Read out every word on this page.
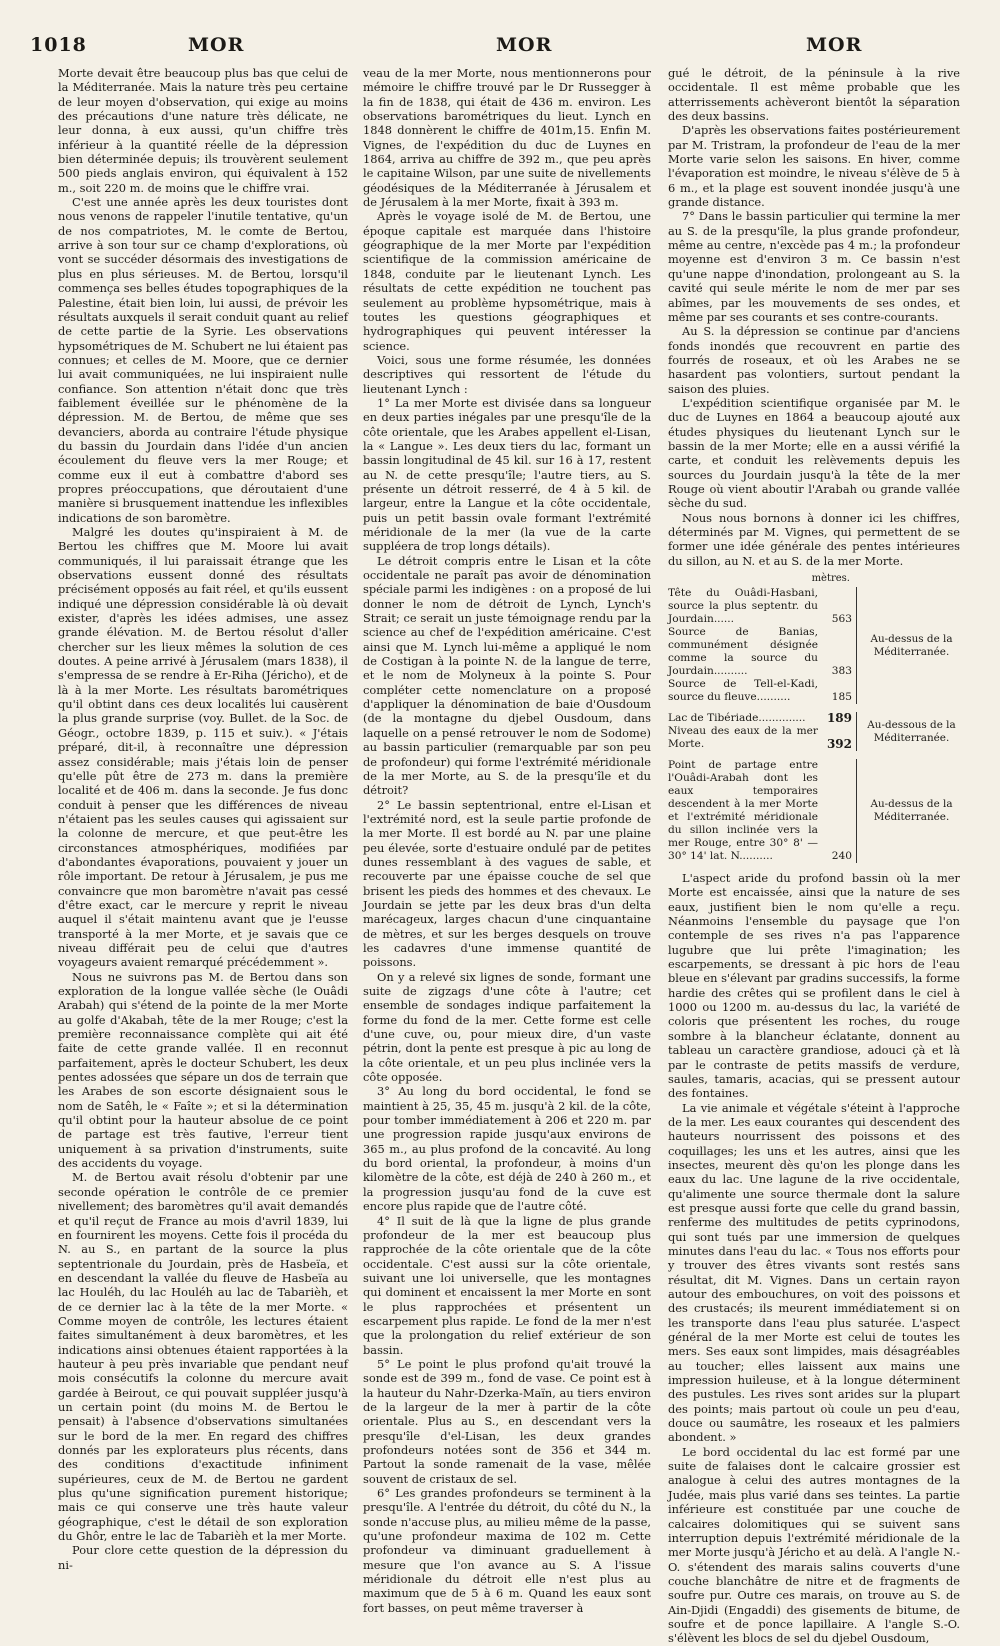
1018	MOR	MOR	MOR

Morte devait être beaucoup plus bas que celui de la Méditerranée. Mais la nature très peu certaine de leur moyen d'observation, qui exige au moins des précautions d'une nature très délicate, ne leur donna, à eux aussi, qu'un chiffre très inférieur à la quantité réelle de la dépression bien déterminée depuis; ils trouvèrent seulement 500 pieds anglais environ, qui équivalent à 152 m., soit 220 m. de moins que le chiffre vrai.

C'est une année après les deux touristes dont nous venons de rappeler l'inutile tentative, qu'un de nos compatriotes, M. le comte de Bertou, arrive à son tour sur ce champ d'explorations, où vont se succéder désormais des investigations de plus en plus sérieuses. M. de Bertou, lorsqu'il commença ses belles études topographiques de la Palestine, était bien loin, lui aussi, de prévoir les résultats auxquels il serait conduit quant au relief de cette partie de la Syrie. Les observations hypsométriques de M. Schubert ne lui étaient pas connues; et celles de M. Moore, que ce dernier lui avait communiquées, ne lui inspiraient nulle confiance. Son attention n'était donc que très faiblement éveillée sur le phénomène de la dépression. M. de Bertou, de même que ses devanciers, aborda au contraire l'étude physique du bassin du Jourdain dans l'idée d'un ancien écoulement du fleuve vers la mer Rouge; et comme eux il eut à combattre d'abord ses propres préoccupations, que déroutaient d'une manière si brusquement inattendue les inflexibles indications de son baromètre.

Malgré les doutes qu'inspiraient à M. de Bertou les chiffres que M. Moore lui avait communiqués, il lui paraissait étrange que les observations eussent donné des résultats précisément opposés au fait réel, et qu'ils eussent indiqué une dépression considérable là où devait exister, d'après les idées admises, une assez grande élévation. M. de Bertou résolut d'aller chercher sur les lieux mêmes la solution de ces doutes. A peine arrivé à Jérusalem (mars 1838), il s'empressa de se rendre à Er-Riha (Jéricho), et de là à la mer Morte. Les résultats barométriques qu'il obtint dans ces deux localités lui causèrent la plus grande surprise (voy. Bullet. de la Soc. de Géogr., octobre 1839, p. 115 et suiv.). « J'étais préparé, dit-il, à reconnaître une dépression assez considérable; mais j'étais loin de penser qu'elle pût être de 273 m. dans la première localité et de 406 m. dans la seconde. Je fus donc conduit à penser que les différences de niveau n'étaient pas les seules causes qui agissaient sur la colonne de mercure, et que peut-être les circonstances atmosphériques, modifiées par d'abondantes évaporations, pouvaient y jouer un rôle important. De retour à Jérusalem, je pus me convaincre que mon baromètre n'avait pas cessé d'être exact, car le mercure y reprit le niveau auquel il s'était maintenu avant que je l'eusse transporté à la mer Morte, et je savais que ce niveau différait peu de celui que d'autres voyageurs avaient remarqué précédemment ».

Nous ne suivrons pas M. de Bertou dans son exploration de la longue vallée sèche (le Ouâdi Arabah) qui s'étend de la pointe de la mer Morte au golfe d'Akabah, tête de la mer Rouge; c'est la première reconnaissance complète qui ait été faite de cette grande vallée. Il en reconnut parfaitement, après le docteur Schubert, les deux pentes adossées que sépare un dos de terrain que les Arabes de son escorte désignaient sous le nom de Satêh, le « Faîte »; et si la détermination qu'il obtint pour la hauteur absolue de ce point de partage est très fautive, l'erreur tient uniquement à sa privation d'instruments, suite des accidents du voyage.

M. de Bertou avait résolu d'obtenir par une seconde opération le contrôle de ce premier nivellement; des baromètres qu'il avait demandés et qu'il reçut de France au mois d'avril 1839, lui en fournirent les moyens. Cette fois il procéda du N. au S., en partant de la source la plus septentrionale du Jourdain, près de Hasbeïa, et en descendant la vallée du fleuve de Hasbeïa au lac Houléh, du lac Houléh au lac de Tabarièh, et de ce dernier lac à la tête de la mer Morte. « Comme moyen de contrôle, les lectures étaient faites simultanément à deux baromètres, et les indications ainsi obtenues étaient rapportées à la hauteur à peu près invariable que pendant neuf mois consécutifs la colonne du mercure avait gardée à Beirout, ce qui pouvait suppléer jusqu'à un certain point (du moins M. de Bertou le pensait) à l'absence d'observations simultanées sur le bord de la mer. En regard des chiffres donnés par les explorateurs plus récents, dans des conditions d'exactitude infiniment supérieures, ceux de M. de Bertou ne gardent plus qu'une signification purement historique; mais ce qui conserve une très haute valeur géographique, c'est le détail de son exploration du Ghôr, entre le lac de Tabarièh et la mer Morte.

Pour clore cette question de la dépression du ni-

veau de la mer Morte, nous mentionnerons pour mémoire le chiffre trouvé par le Dr Russegger à la fin de 1838, qui était de 436 m. environ. Les observations barométriques du lieut. Lynch en 1848 donnèrent le chiffre de 401m,15. Enfin M. Vignes, de l'expédition du duc de Luynes en 1864, arriva au chiffre de 392 m., que peu après le capitaine Wilson, par une suite de nivellements géodésiques de la Méditerranée à Jérusalem et de Jérusalem à la mer Morte, fixait à 393 m.

Après le voyage isolé de M. de Bertou, une époque capitale est marquée dans l'histoire géographique de la mer Morte par l'expédition scientifique de la commission américaine de 1848, conduite par le lieutenant Lynch. Les résultats de cette expédition ne touchent pas seulement au problème hypsométrique, mais à toutes les questions géographiques et hydrographiques qui peuvent intéresser la science.

Voici, sous une forme résumée, les données descriptives qui ressortent de l'étude du lieutenant Lynch :

1° La mer Morte est divisée dans sa longueur en deux parties inégales par une presqu'île de la côte orientale, que les Arabes appellent el-Lisan, la « Langue ». Les deux tiers du lac, formant un bassin longitudinal de 45 kil. sur 16 à 17, restent au N. de cette presqu'île; l'autre tiers, au S. présente un détroit resserré, de 4 à 5 kil. de largeur, entre la Langue et la côte occidentale, puis un petit bassin ovale formant l'extrémité méridionale de la mer (la vue de la carte suppléera de trop longs détails).

Le détroit compris entre le Lisan et la côte occidentale ne paraît pas avoir de dénomination spéciale parmi les indigènes : on a proposé de lui donner le nom de détroit de Lynch, Lynch's Strait; ce serait un juste témoignage rendu par la science au chef de l'expédition américaine. C'est ainsi que M. Lynch lui-même a appliqué le nom de Costigan à la pointe N. de la langue de terre, et le nom de Molyneux à la pointe S. Pour compléter cette nomenclature on a proposé d'appliquer la dénomination de baie d'Ousdoum (de la montagne du djebel Ousdoum, dans laquelle on a pensé retrouver le nom de Sodome) au bassin particulier (remarquable par son peu de profondeur) qui forme l'extrémité méridionale de la mer Morte, au S. de la presqu'île et du détroit?

2° Le bassin septentrional, entre el-Lisan et l'extrémité nord, est la seule partie profonde de la mer Morte. Il est bordé au N. par une plaine peu élevée, sorte d'estuaire ondulé par de petites dunes ressemblant à des vagues de sable, et recouverte par une épaisse couche de sel que brisent les pieds des hommes et des chevaux. Le Jourdain se jette par les deux bras d'un delta marécageux, larges chacun d'une cinquantaine de mètres, et sur les berges desquels on trouve les cadavres d'une immense quantité de poissons.

On y a relevé six lignes de sonde, formant une suite de zigzags d'une côte à l'autre; cet ensemble de sondages indique parfaitement la forme du fond de la mer. Cette forme est celle d'une cuve, ou, pour mieux dire, d'un vaste pétrin, dont la pente est presque à pic au long de la côte orientale, et un peu plus inclinée vers la côte opposée.

3° Au long du bord occidental, le fond se maintient à 25, 35, 45 m. jusqu'à 2 kil. de la côte, pour tomber immédiatement à 206 et 220 m. par une progression rapide jusqu'aux environs de 365 m., au plus profond de la concavité. Au long du bord oriental, la profondeur, à moins d'un kilomètre de la côte, est déjà de 240 à 260 m., et la progression jusqu'au fond de la cuve est encore plus rapide que de l'autre côté.

4° Il suit de là que la ligne de plus grande profondeur de la mer est beaucoup plus rapprochée de la côte orientale que de la côte occidentale. C'est aussi sur la côte orientale, suivant une loi universelle, que les montagnes qui dominent et encaissent la mer Morte en sont le plus rapprochées et présentent un escarpement plus rapide. Le fond de la mer n'est que la prolongation du relief extérieur de son bassin.

5° Le point le plus profond qu'ait trouvé la sonde est de 399 m., fond de vase. Ce point est à la hauteur du Nahr-Dzerka-Maïn, au tiers environ de la largeur de la mer à partir de la côte orientale. Plus au S., en descendant vers la presqu'île d'el-Lisan, les deux grandes profondeurs notées sont de 356 et 344 m. Partout la sonde ramenait de la vase, mêlée souvent de cristaux de sel.

6° Les grandes profondeurs se terminent à la presqu'île. A l'entrée du détroit, du côté du N., la sonde n'accuse plus, au milieu même de la passe, qu'une profondeur maxima de 102 m. Cette profondeur va diminuant graduellement à mesure que l'on avance au S. A l'issue méridionale du détroit elle n'est plus au maximum que de 5 à 6 m. Quand les eaux sont fort basses, on peut même traverser à

gué le détroit, de la péninsule à la rive occidentale. Il est même probable que les atterrissements achèveront bientôt la séparation des deux bassins.

D'après les observations faites postérieurement par M. Tristram, la profondeur de l'eau de la mer Morte varie selon les saisons. En hiver, comme l'évaporation est moindre, le niveau s'élève de 5 à 6 m., et la plage est souvent inondée jusqu'à une grande distance.

7° Dans le bassin particulier qui termine la mer au S. de la presqu'île, la plus grande profondeur, même au centre, n'excède pas 4 m.; la profondeur moyenne est d'environ 3 m. Ce bassin n'est qu'une nappe d'inondation, prolongeant au S. la cavité qui seule mérite le nom de mer par ses abîmes, par les mouvements de ses ondes, et même par ses courants et ses contre-courants.

Au S. la dépression se continue par d'anciens fonds inondés que recouvrent en partie des fourrés de roseaux, et où les Arabes ne se hasardent pas volontiers, surtout pendant la saison des pluies.

L'expédition scientifique organisée par M. le duc de Luynes en 1864 a beaucoup ajouté aux études physiques du lieutenant Lynch sur le bassin de la mer Morte; elle en a aussi vérifié la carte, et conduit les relèvements depuis les sources du Jourdain jusqu'à la tête de la mer Rouge où vient aboutir l'Arabah ou grande vallée sèche du sud.

Nous nous bornons à donner ici les chiffres, déterminés par M. Vignes, qui permettent de se former une idée générale des pentes intérieures du sillon, au N. et au S. de la mer Morte.

mètres.
Tête du Ouâdi-Hasbani, source la plus septentr. du Jourdain......	563
Source de Banias, communément désignée comme la source du Jourdain..........	383
Source de Tell-el-Kadi, source du fleuve..........	185
Au-dessus de la Méditerranée.
Lac de Tibériade..............	189
Niveau des eaux de la mer Morte.	392
Au-dessous de la Méditerranée.
Point de partage entre l'Ouâdi-Arabah dont les eaux temporaires descendent à la mer Morte et l'extrémité méridionale du sillon inclinée vers la mer Rouge, entre 30° 8' — 30° 14' lat. N..........	240
Au-dessus de la Méditerranée.

L'aspect aride du profond bassin où la mer Morte est encaissée, ainsi que la nature de ses eaux, justifient bien le nom qu'elle a reçu. Néanmoins l'ensemble du paysage que l'on contemple de ses rives n'a pas l'apparence lugubre que lui prête l'imagination; les escarpements, se dressant à pic hors de l'eau bleue en s'élevant par gradins successifs, la forme hardie des crêtes qui se profilent dans le ciel à 1000 ou 1200 m. au-dessus du lac, la variété de coloris que présentent les roches, du rouge sombre à la blancheur éclatante, donnent au tableau un caractère grandiose, adouci çà et là par le contraste de petits massifs de verdure, saules, tamaris, acacias, qui se pressent autour des fontaines.

La vie animale et végétale s'éteint à l'approche de la mer. Les eaux courantes qui descendent des hauteurs nourrissent des poissons et des coquillages; les uns et les autres, ainsi que les insectes, meurent dès qu'on les plonge dans les eaux du lac. Une lagune de la rive occidentale, qu'alimente une source thermale dont la salure est presque aussi forte que celle du grand bassin, renferme des multitudes de petits cyprinodons, qui sont tués par une immersion de quelques minutes dans l'eau du lac. « Tous nos efforts pour y trouver des êtres vivants sont restés sans résultat, dit M. Vignes. Dans un certain rayon autour des embouchures, on voit des poissons et des crustacés; ils meurent immédiatement si on les transporte dans l'eau plus saturée. L'aspect général de la mer Morte est celui de toutes les mers. Ses eaux sont limpides, mais désagréables au toucher; elles laissent aux mains une impression huileuse, et à la longue déterminent des pustules. Les rives sont arides sur la plupart des points; mais partout où coule un peu d'eau, douce ou saumâtre, les roseaux et les palmiers abondent. »

Le bord occidental du lac est formé par une suite de falaises dont le calcaire grossier est analogue à celui des autres montagnes de la Judée, mais plus varié dans ses teintes. La partie inférieure est constituée par une couche de calcaires dolomitiques qui se suivent sans interruption depuis l'extrémité méridionale de la mer Morte jusqu'à Jéricho et au delà. A l'angle N.-O. s'étendent des marais salins couverts d'une couche blanchâtre de nitre et de fragments de soufre pur. Outre ces marais, on trouve au S. de Ain-Djidi (Engaddi) des gisements de bitume, de soufre et de ponce lapillaire. A l'angle S.-O. s'élèvent les blocs de sel du djebel Ousdoum,
